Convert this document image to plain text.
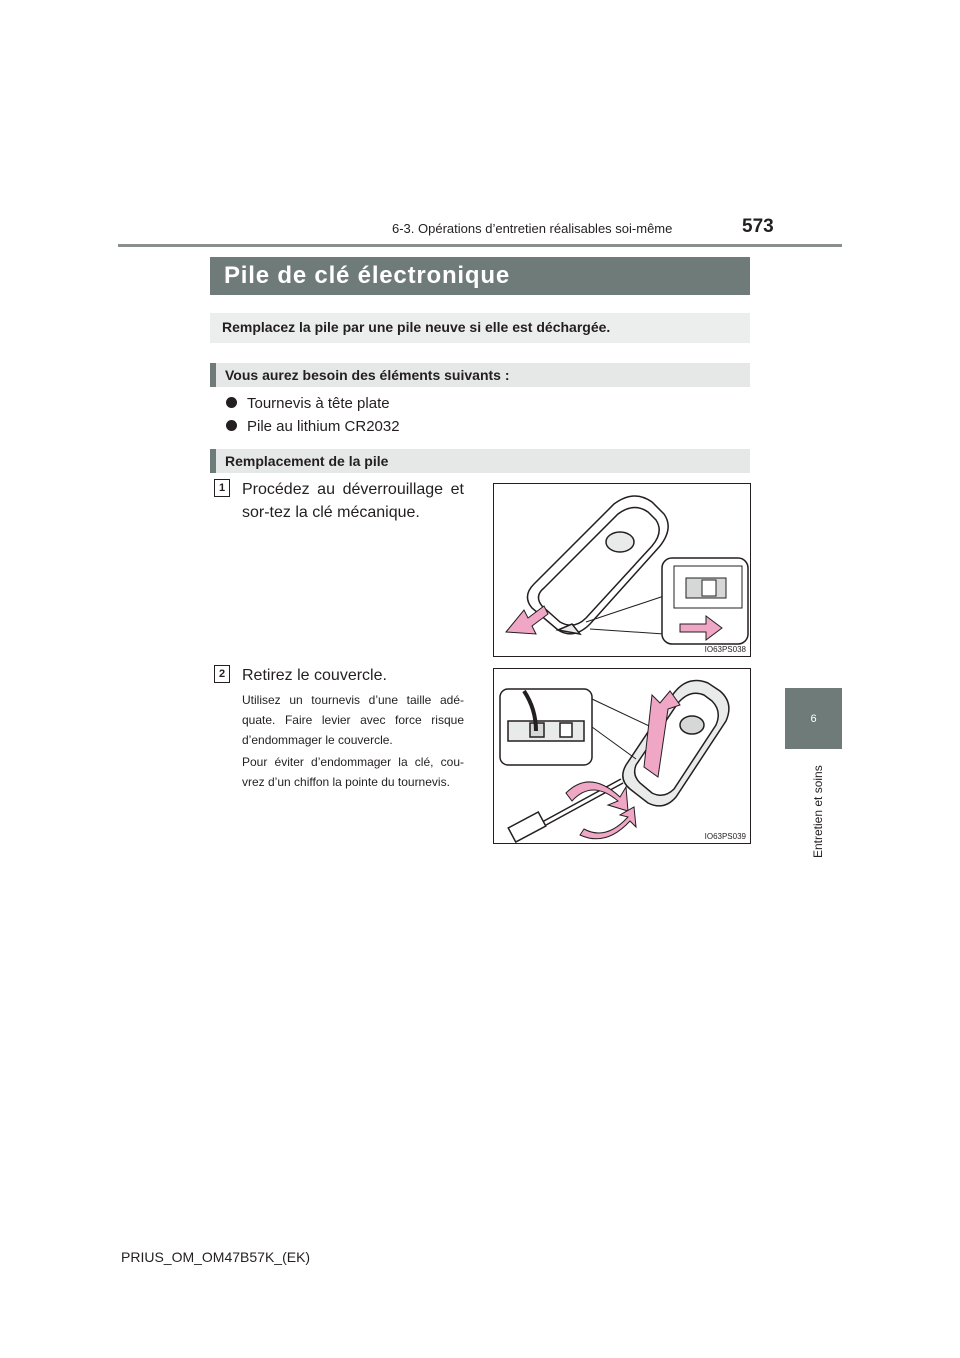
6-3. Opérations d’entretien réalisables soi-même	573
6
Entretien et soins
Pile de clé électronique
Remplacez la pile par une pile neuve si elle est déchargée.
Vous aurez besoin des éléments suivants :
Tournevis à tête plate
Pile au lithium CR2032
Remplacement de la pile
1	Procédez au déverrouillage et sor-tez la clé mécanique.
IO63PS038
2	Retirez le couvercle.
Utilisez un tournevis d’une taille adé-quate. Faire levier avec force risque d’endommager le couvercle.
Pour éviter d’endommager la clé, cou-vrez d’un chiffon la pointe du tournevis.
IO63PS039
PRIUS_OM_OM47B57K_(EK)
